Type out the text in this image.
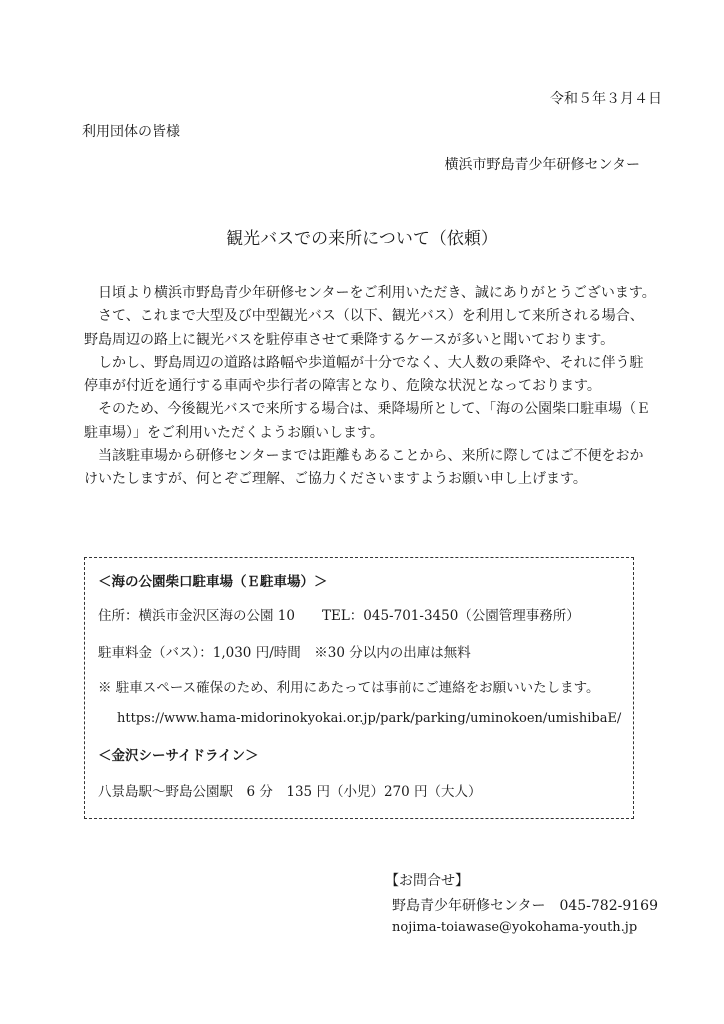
令和５年３月４日
利用団体の皆様
横浜市野島青少年研修センター
観光バスでの来所について（依頼）
　日頃より横浜市野島青少年研修センターをご利用いただき、誠にありがとうございます。
　さて、これまで大型及び中型観光バス（以下、観光バス）を利用して来所される場合、
野島周辺の路上に観光バスを駐停車させて乗降するケースが多いと聞いております。
　しかし、野島周辺の道路は路幅や歩道幅が十分でなく、大人数の乗降や、それに伴う駐
停車が付近を通行する車両や歩行者の障害となり、危険な状況となっております。
　そのため、今後観光バスで来所する場合は、乗降場所として、「海の公園柴口駐車場（Ｅ
駐車場）」をご利用いただくようお願いします。
　当該駐車場から研修センターまでは距離もあることから、来所に際してはご不便をおか
けいたしますが、何とぞご理解、ご協力くださいますようお願い申し上げます。
＜海の公園柴口駐車場（Ｅ駐車場）＞
住所：横浜市金沢区海の公園 10　　TEL：045-701-3450（公園管理事務所）
駐車料金（バス）：1,030 円/時間　※30 分以内の出庫は無料
※ 駐車スペース確保のため、利用にあたっては事前にご連絡をお願いいたします。
https://www.hama-midorinokyokai.or.jp/park/parking/uminokoen/umishibaE/
＜金沢シーサイドライン＞
八景島駅～野島公園駅　6 分　135 円（小児）270 円（大人）
【お問合せ】
野島青少年研修センター　045-782-9169
nojima-toiawase@yokohama-youth.jp
